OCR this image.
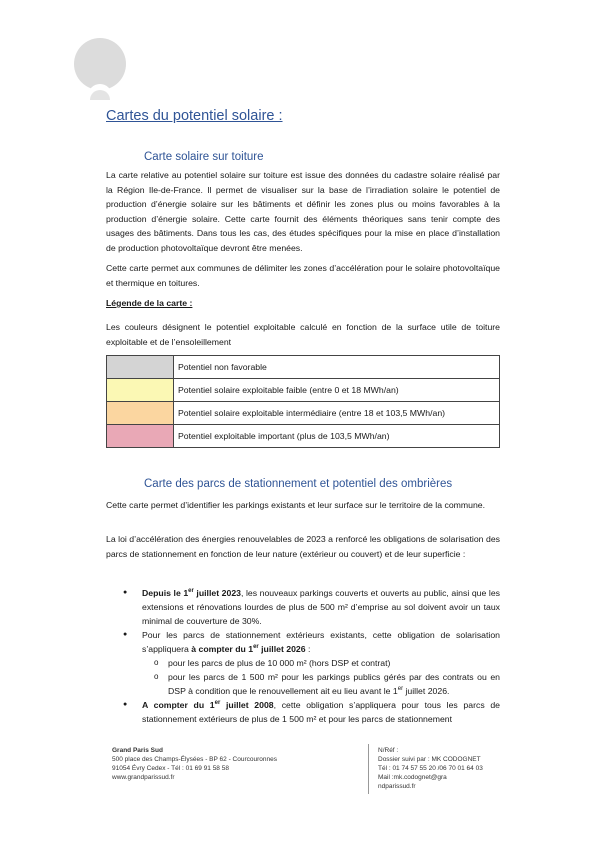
Cartes du potentiel solaire :
Carte solaire sur toiture

La carte relative au potentiel solaire sur toiture est issue des données du cadastre solaire réalisé par la Région Ile-de-France. Il permet de visualiser sur la base de l’irradiation solaire le potentiel de production d’énergie solaire sur les bâtiments et définir les zones plus ou moins favorables à la production d’énergie solaire. Cette carte fournit des éléments théoriques sans tenir compte des usages des bâtiments. Dans tous les cas, des études spécifiques pour la mise en place d’installation de production photovoltaïque devront être menées.

Cette carte permet aux communes de délimiter les zones d’accélération pour le solaire photovoltaïque et thermique en toitures.

Légende de la carte :

Les couleurs désignent le potentiel exploitable calculé en fonction de la surface utile de toiture exploitable et de l’ensoleillement

	Potentiel non favorable
	Potentiel solaire exploitable faible (entre 0 et 18 MWh/an)
	Potentiel solaire exploitable intermédiaire (entre 18 et 103,5 MWh/an)
	Potentiel exploitable important (plus de 103,5 MWh/an)
Carte des parcs de stationnement et potentiel des ombrières

Cette carte permet d’identifier les parkings existants et leur surface sur le territoire de la commune.

La loi d’accélération des énergies renouvelables de 2023 a renforcé les obligations de solarisation des parcs de stationnement en fonction de leur nature (extérieur ou couvert) et de leur superficie :

● Depuis le 1er juillet 2023, les nouveaux parkings couverts et ouverts au public, ainsi que les extensions et rénovations lourdes de plus de 500 m² d’emprise au sol doivent avoir un taux minimal de couverture de 30%.
● Pour les parcs de stationnement extérieurs existants, cette obligation de solarisation s’appliquera à compter du 1er juillet 2026 :
o pour les parcs de plus de 10 000 m² (hors DSP et contrat)
o pour les parcs de 1 500 m² pour les parkings publics gérés par des contrats ou en DSP à condition que le renouvellement ait eu lieu avant le 1er juillet 2026.
● A compter du 1er juillet 2008, cette obligation s’appliquera pour tous les parcs de stationnement extérieurs de plus de 1 500 m² et pour les parcs de stationnement
Grand Paris Sud
500 place des Champs-Élysées - BP 62 - Courcouronnes
91054 Évry Cedex - Tél : 01 69 91 58 58
www.grandparissud.fr
N/Réf :
Dossier suivi par : MK CODOGNET
Tél : 01 74 57 55 20 /06 70 01 64 03
Mail :mk.codognet@gra
ndparissud.fr
